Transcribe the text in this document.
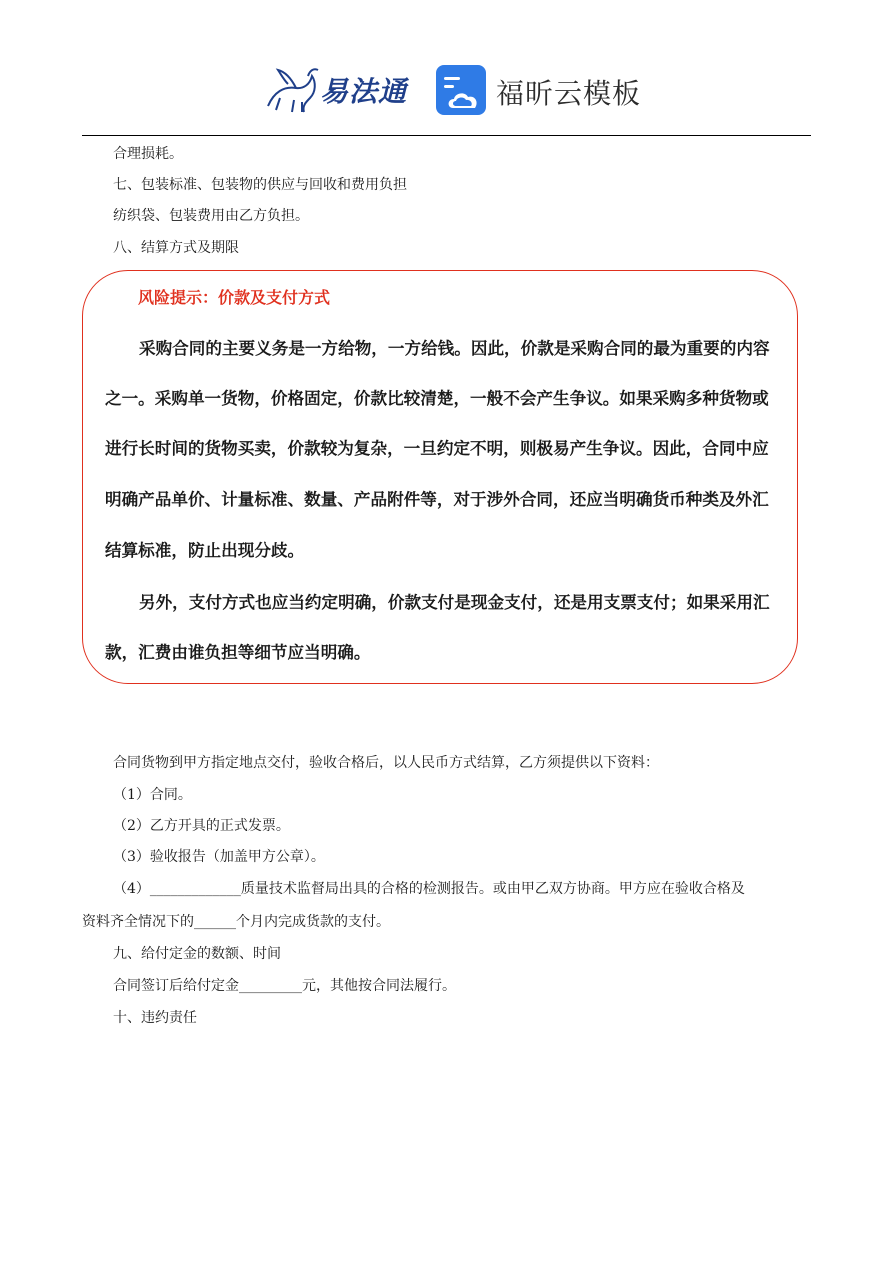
易法通	福昕云模板
合理损耗。
七、包装标准、包装物的供应与回收和费用负担
纺织袋、包装费用由乙方负担。
八、结算方式及期限
风险提示：价款及支付方式
采购合同的主要义务是一方给物，一方给钱。因此，价款是采购合同的最为重要的内容
之一。采购单一货物，价格固定，价款比较清楚，一般不会产生争议。如果采购多种货物或
进行长时间的货物买卖，价款较为复杂，一旦约定不明，则极易产生争议。因此，合同中应
明确产品单价、计量标准、数量、产品附件等，对于涉外合同，还应当明确货币种类及外汇
结算标准，防止出现分歧。
另外，支付方式也应当约定明确，价款支付是现金支付，还是用支票支付；如果采用汇
款，汇费由谁负担等细节应当明确。
合同货物到甲方指定地点交付，验收合格后，以人民币方式结算，乙方须提供以下资料：
（1）合同。
（2）乙方开具的正式发票。
（3）验收报告（加盖甲方公章）。
（4）_____________质量技术监督局出具的合格的检测报告。或由甲乙双方协商。甲方应在验收合格及
资料齐全情况下的______个月内完成货款的支付。
九、给付定金的数额、时间
合同签订后给付定金_________元，其他按合同法履行。
十、违约责任
